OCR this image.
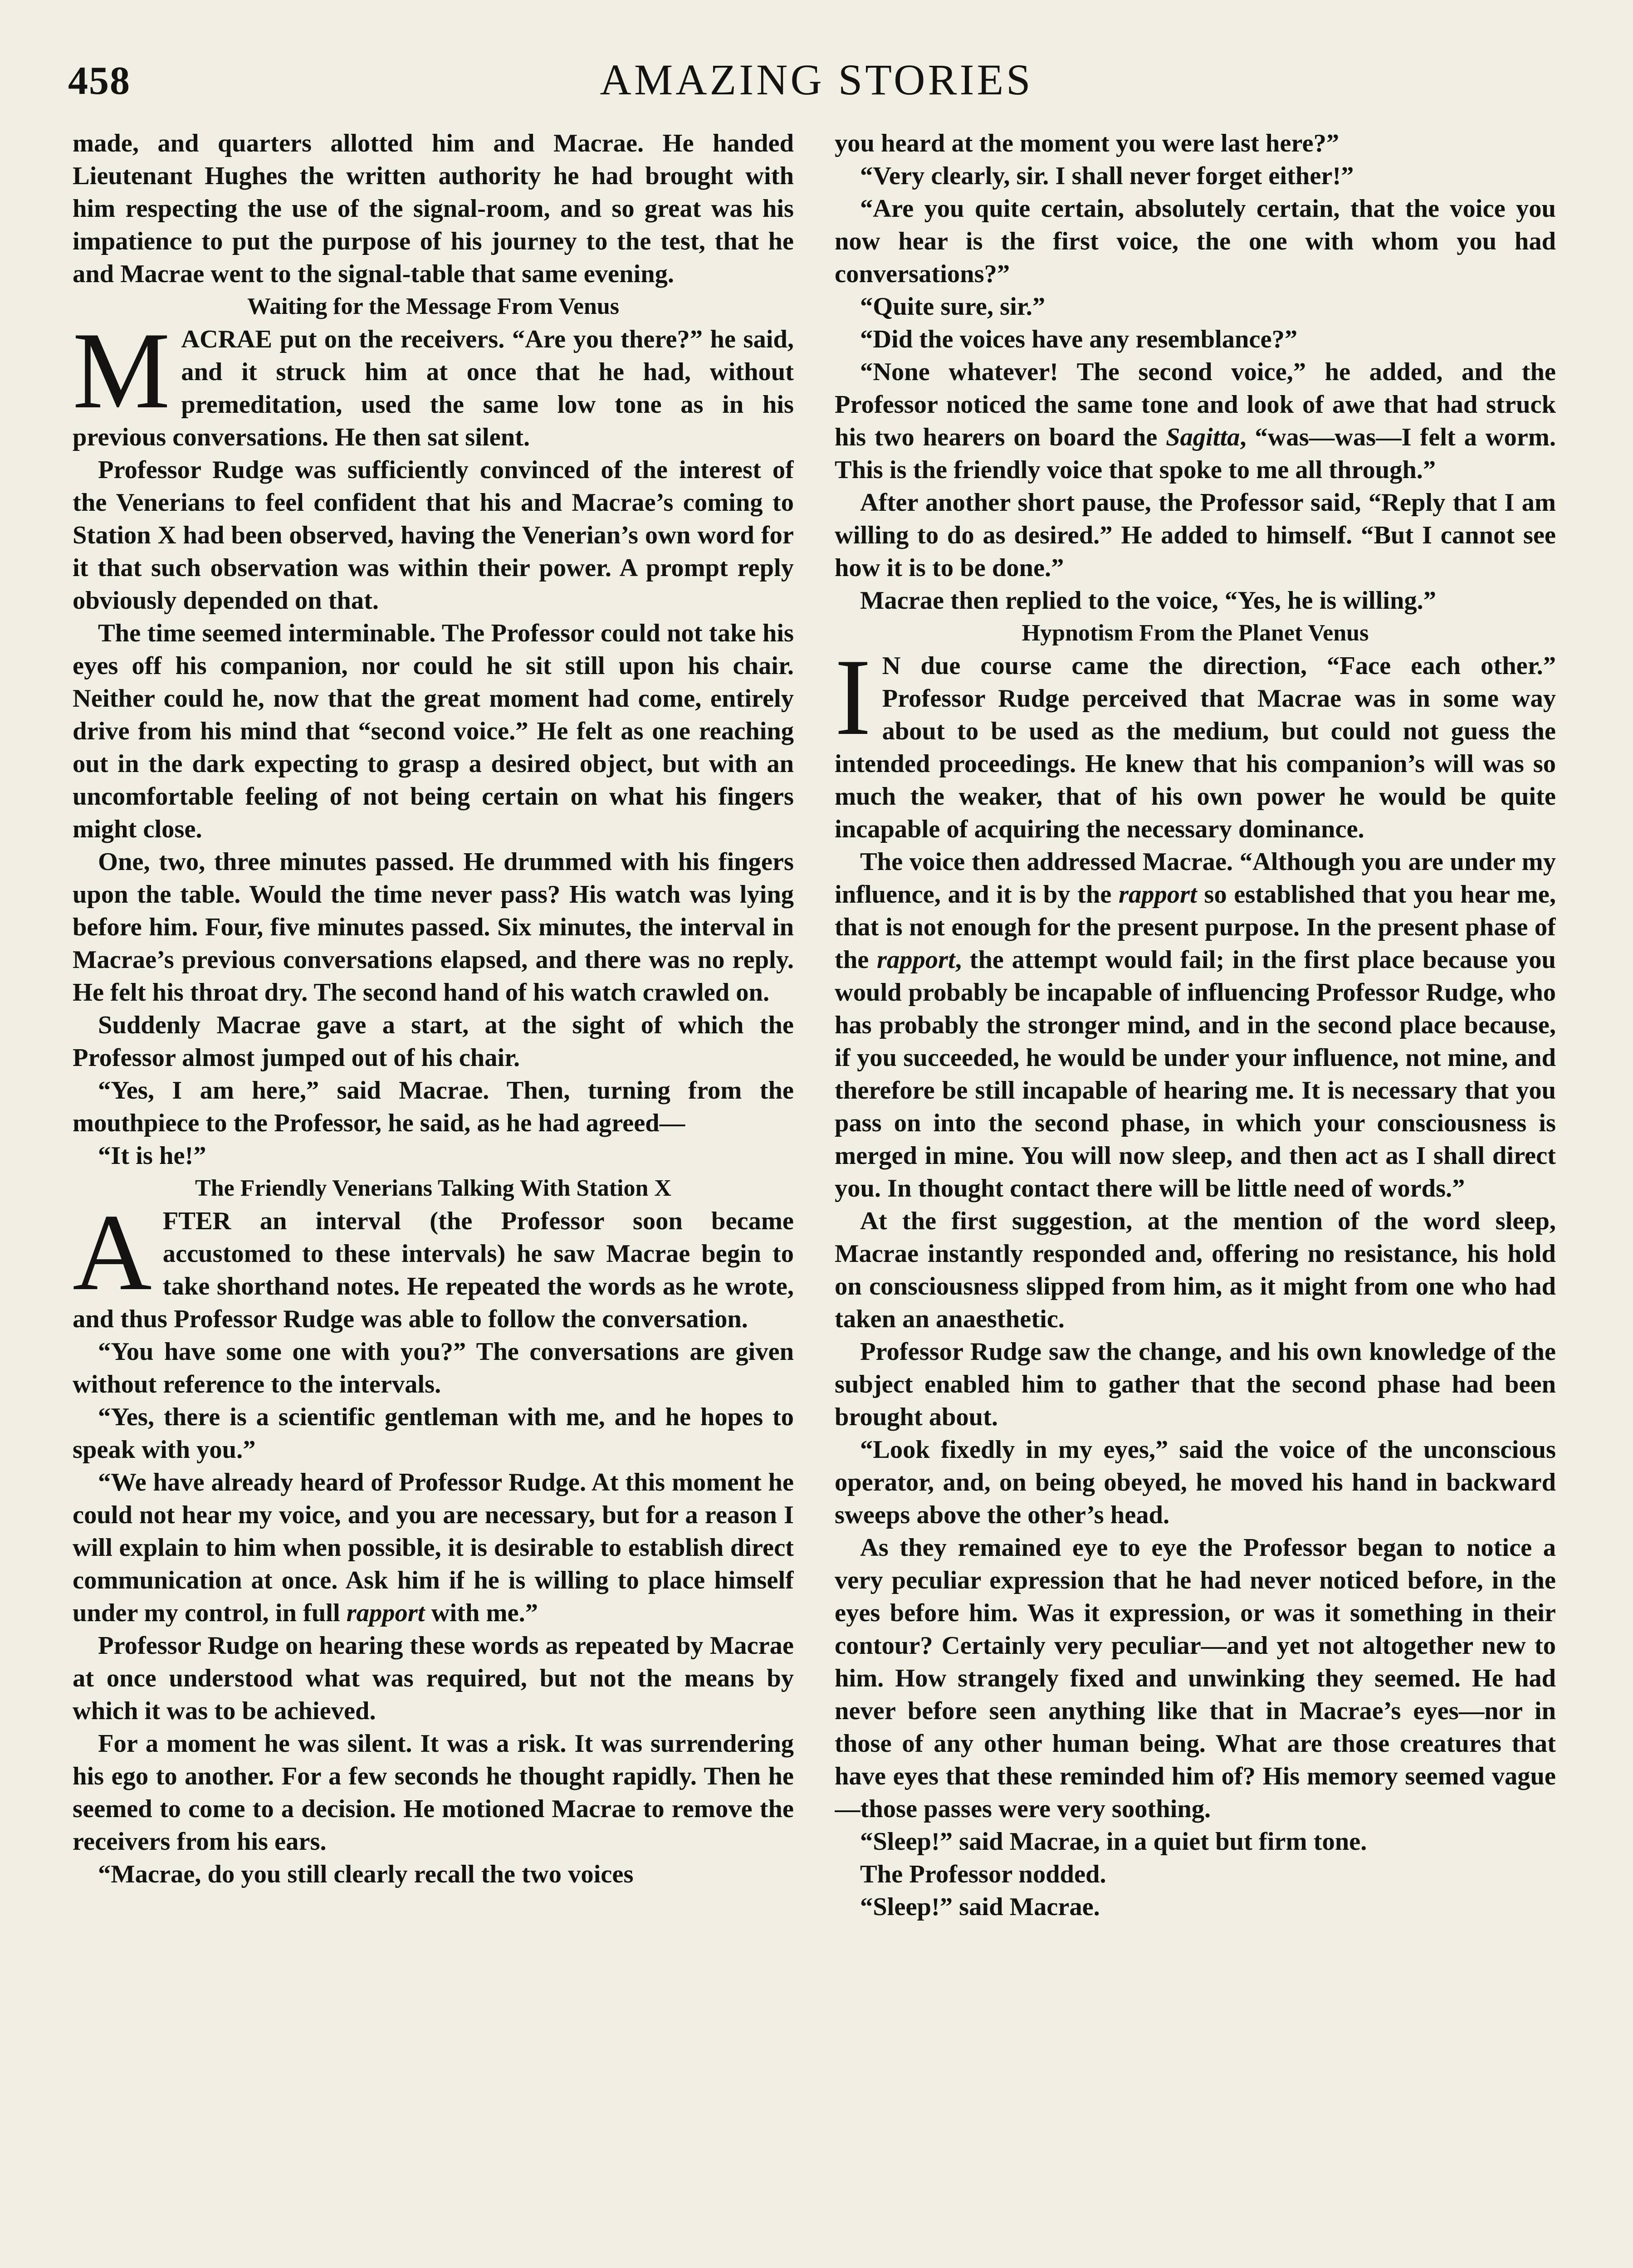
458	AMAZING STORIES

made, and quarters allotted him and Macrae. He handed Lieutenant Hughes the written authority he had brought with him respecting the use of the signal-room, and so great was his impatience to put the purpose of his journey to the test, that he and Macrae went to the signal-table that same evening.

Waiting for the Message From Venus

MACRAE put on the receivers. “Are you there?” he said, and it struck him at once that he had, without premeditation, used the same low tone as in his previous conversations. He then sat silent.

Professor Rudge was sufficiently convinced of the interest of the Venerians to feel confident that his and Macrae’s coming to Station X had been observed, having the Venerian’s own word for it that such observation was within their power. A prompt reply obviously depended on that.

The time seemed interminable. The Professor could not take his eyes off his companion, nor could he sit still upon his chair. Neither could he, now that the great moment had come, entirely drive from his mind that “second voice.” He felt as one reaching out in the dark expecting to grasp a desired object, but with an uncomfortable feeling of not being certain on what his fingers might close.

One, two, three minutes passed. He drummed with his fingers upon the table. Would the time never pass? His watch was lying before him. Four, five minutes passed. Six minutes, the interval in Macrae’s previous conversations elapsed, and there was no reply. He felt his throat dry. The second hand of his watch crawled on.

Suddenly Macrae gave a start, at the sight of which the Professor almost jumped out of his chair.

“Yes, I am here,” said Macrae. Then, turning from the mouthpiece to the Professor, he said, as he had agreed—

“It is he!”

The Friendly Venerians Talking With Station X

AFTER an interval (the Professor soon became accustomed to these intervals) he saw Macrae begin to take shorthand notes. He repeated the words as he wrote, and thus Professor Rudge was able to follow the conversation.

“You have some one with you?” The conversations are given without reference to the intervals.

“Yes, there is a scientific gentleman with me, and he hopes to speak with you.”

“We have already heard of Professor Rudge. At this moment he could not hear my voice, and you are necessary, but for a reason I will explain to him when possible, it is desirable to establish direct communication at once. Ask him if he is willing to place himself under my control, in full rapport with me.”

Professor Rudge on hearing these words as repeated by Macrae at once understood what was required, but not the means by which it was to be achieved.

For a moment he was silent. It was a risk. It was surrendering his ego to another. For a few seconds he thought rapidly. Then he seemed to come to a decision. He motioned Macrae to remove the receivers from his ears.

“Macrae, do you still clearly recall the two voices

you heard at the moment you were last here?”

“Very clearly, sir. I shall never forget either!”

“Are you quite certain, absolutely certain, that the voice you now hear is the first voice, the one with whom you had conversations?”

“Quite sure, sir.”

“Did the voices have any resemblance?”

“None whatever! The second voice,” he added, and the Professor noticed the same tone and look of awe that had struck his two hearers on board the Sagitta, “was—was—I felt a worm. This is the friendly voice that spoke to me all through.”

After another short pause, the Professor said, “Reply that I am willing to do as desired.” He added to himself. “But I cannot see how it is to be done.”

Macrae then replied to the voice, “Yes, he is willing.”

Hypnotism From the Planet Venus

I N due course came the direction, “Face each other.” Professor Rudge perceived that Macrae was in some way about to be used as the medium, but could not guess the intended proceedings. He knew that his companion’s will was so much the weaker, that of his own power he would be quite incapable of acquiring the necessary dominance.

The voice then addressed Macrae. “Although you are under my influence, and it is by the rapport so established that you hear me, that is not enough for the present purpose. In the present phase of the rapport, the attempt would fail; in the first place because you would probably be incapable of influencing Professor Rudge, who has probably the stronger mind, and in the second place because, if you succeeded, he would be under your influence, not mine, and therefore be still incapable of hearing me. It is necessary that you pass on into the second phase, in which your consciousness is merged in mine. You will now sleep, and then act as I shall direct you. In thought contact there will be little need of words.”

At the first suggestion, at the mention of the word sleep, Macrae instantly responded and, offering no resistance, his hold on consciousness slipped from him, as it might from one who had taken an anaesthetic.

Professor Rudge saw the change, and his own knowledge of the subject enabled him to gather that the second phase had been brought about.

“Look fixedly in my eyes,” said the voice of the unconscious operator, and, on being obeyed, he moved his hand in backward sweeps above the other’s head.

As they remained eye to eye the Professor began to notice a very peculiar expression that he had never noticed before, in the eyes before him. Was it expression, or was it something in their contour? Certainly very peculiar—and yet not altogether new to him. How strangely fixed and unwinking they seemed. He had never before seen anything like that in Macrae’s eyes—nor in those of any other human being. What are those creatures that have eyes that these reminded him of? His memory seemed vague—those passes were very soothing.

“Sleep!” said Macrae, in a quiet but firm tone.

The Professor nodded.

“Sleep!” said Macrae.
